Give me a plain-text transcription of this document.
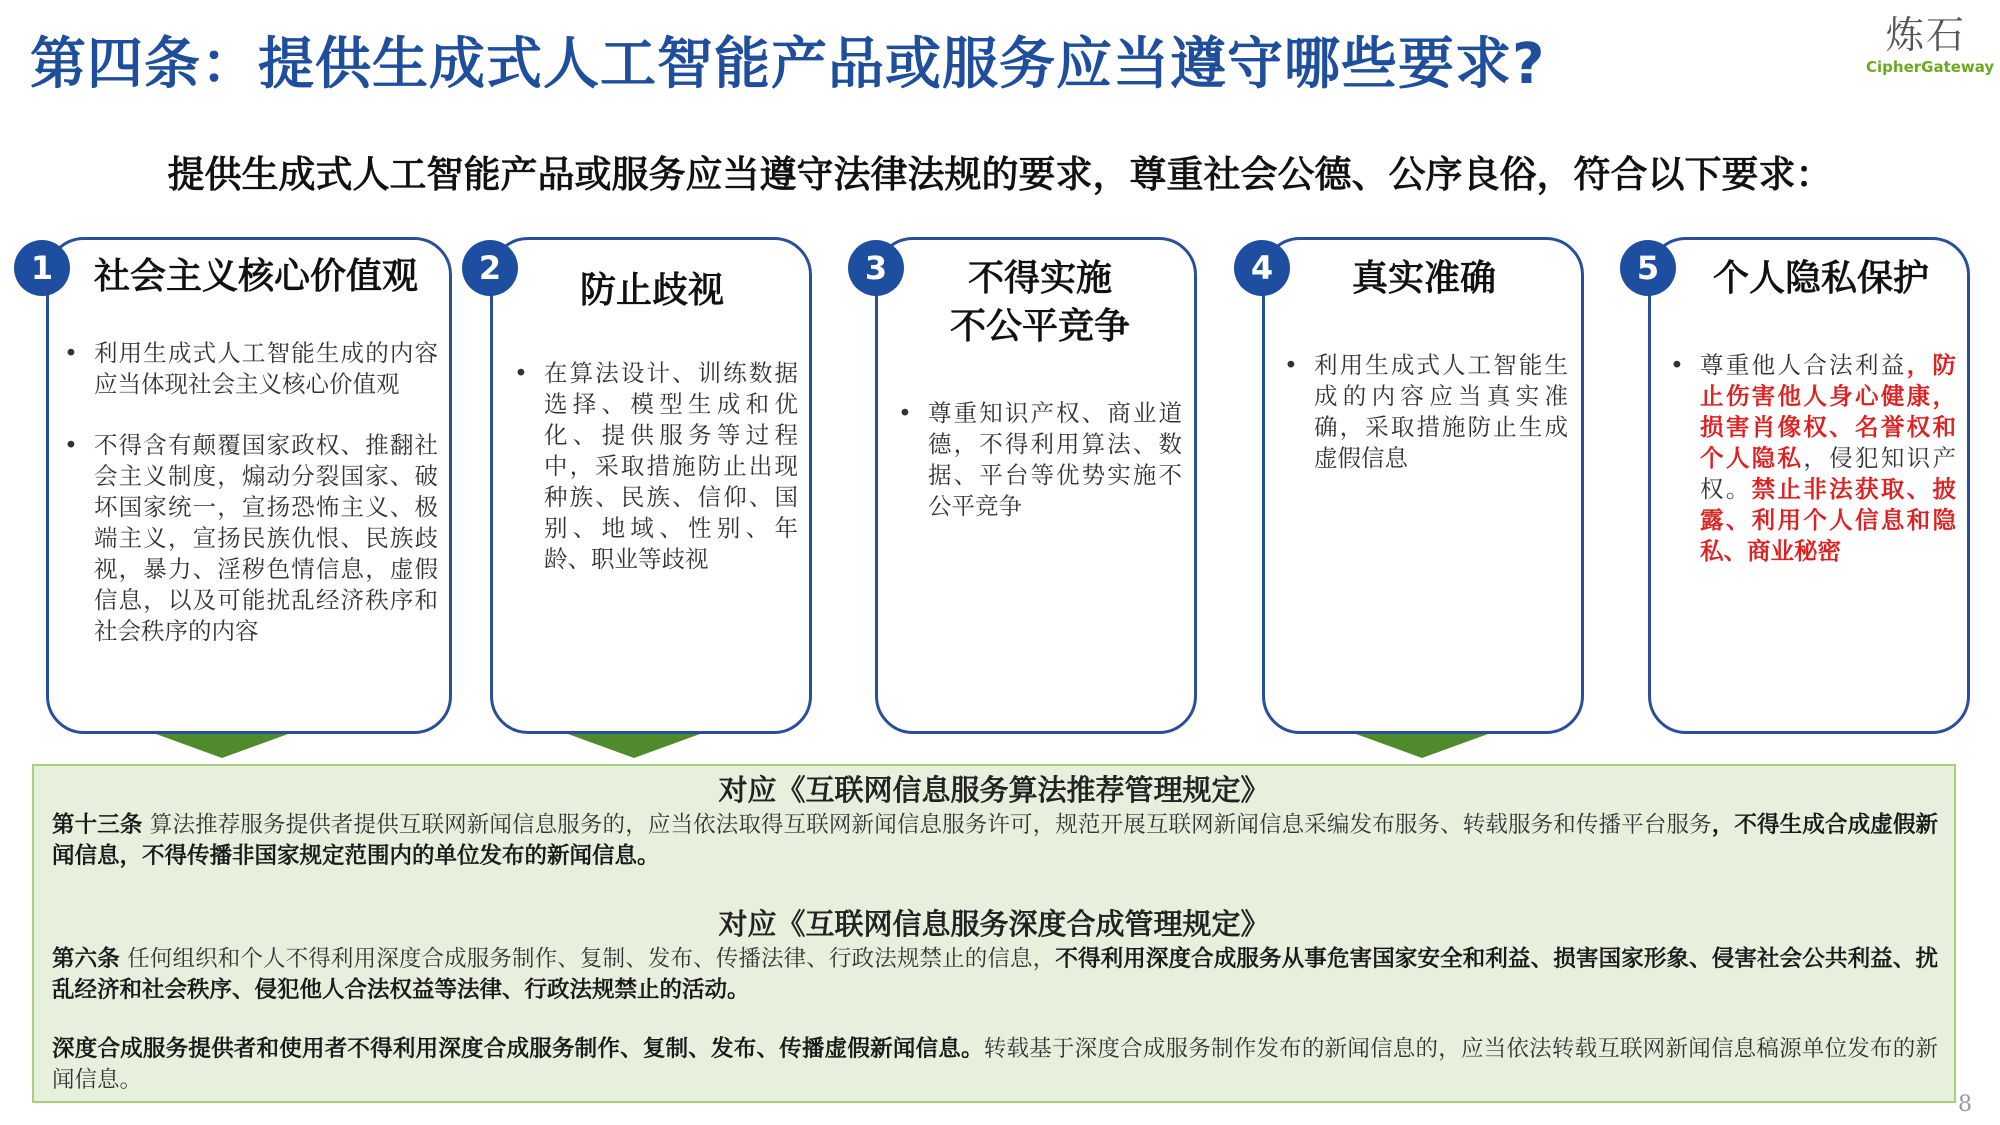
第四条：提供生成式人工智能产品或服务应当遵守哪些要求?	炼石
CipherGateway

提供生成式人工智能产品或服务应当遵守法律法规的要求，尊重社会公德、公序良俗，符合以下要求：

1	社会主义核心价值观
• 利用生成式人工智能生成的内容应当体现社会主义核心价值观
• 不得含有颠覆国家政权、推翻社会主义制度，煽动分裂国家、破坏国家统一，宣扬恐怖主义、极端主义，宣扬民族仇恨、民族歧视，暴力、淫秽色情信息，虚假信息，以及可能扰乱经济秩序和社会秩序的内容
2
防止歧视
• 在算法设计、训练数据选择、模型生成和优化、提供服务等过程中，采取措施防止出现种族、民族、信仰、国别、地域、性别、年龄、职业等歧视
3	不得实施
不公平竞争
• 尊重知识产权、商业道德，不得利用算法、数据、平台等优势实施不公平竞争
4	真实准确
• 利用生成式人工智能生成的内容应当真实准确，采取措施防止生成虚假信息
5	个人隐私保护
• 尊重他人合法利益，防止伤害他人身心健康，损害肖像权、名誉权和个人隐私，侵犯知识产权。禁止非法获取、披露、利用个人信息和隐私、商业秘密
对应《互联网信息服务算法推荐管理规定》

第十三条 算法推荐服务提供者提供互联网新闻信息服务的，应当依法取得互联网新闻信息服务许可，规范开展互联网新闻信息采编发布服务、转载服务和传播平台服务，不得生成合成虚假新闻信息，不得传播非国家规定范围内的单位发布的新闻信息。

对应《互联网信息服务深度合成管理规定》

第六条 任何组织和个人不得利用深度合成服务制作、复制、发布、传播法律、行政法规禁止的信息，不得利用深度合成服务从事危害国家安全和利益、损害国家形象、侵害社会公共利益、扰乱经济和社会秩序、侵犯他人合法权益等法律、行政法规禁止的活动。

深度合成服务提供者和使用者不得利用深度合成服务制作、复制、发布、传播虚假新闻信息。转载基于深度合成服务制作发布的新闻信息的，应当依法转载互联网新闻信息稿源单位发布的新闻信息。

8
